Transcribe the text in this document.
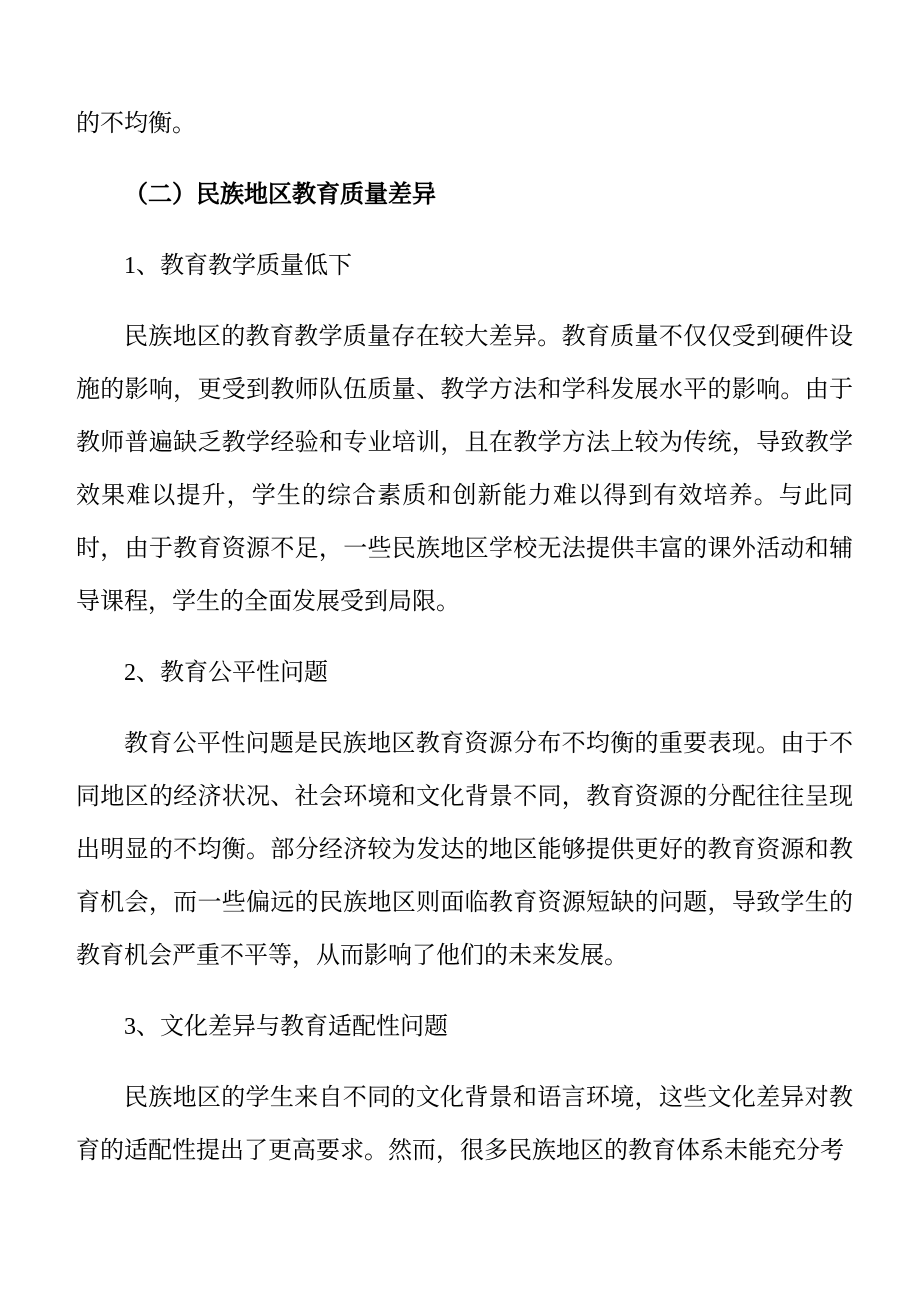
的不均衡。

（二）民族地区教育质量差异

1、教育教学质量低下

民族地区的教育教学质量存在较大差异。教育质量不仅仅受到硬件设施的影响，更受到教师队伍质量、教学方法和学科发展水平的影响。由于教师普遍缺乏教学经验和专业培训，且在教学方法上较为传统，导致教学效果难以提升，学生的综合素质和创新能力难以得到有效培养。与此同时，由于教育资源不足，一些民族地区学校无法提供丰富的课外活动和辅导课程，学生的全面发展受到局限。

2、教育公平性问题

教育公平性问题是民族地区教育资源分布不均衡的重要表现。由于不同地区的经济状况、社会环境和文化背景不同，教育资源的分配往往呈现出明显的不均衡。部分经济较为发达的地区能够提供更好的教育资源和教育机会，而一些偏远的民族地区则面临教育资源短缺的问题，导致学生的教育机会严重不平等，从而影响了他们的未来发展。

3、文化差异与教育适配性问题

民族地区的学生来自不同的文化背景和语言环境，这些文化差异对教育的适配性提出了更高要求。然而，很多民族地区的教育体系未能充分考
